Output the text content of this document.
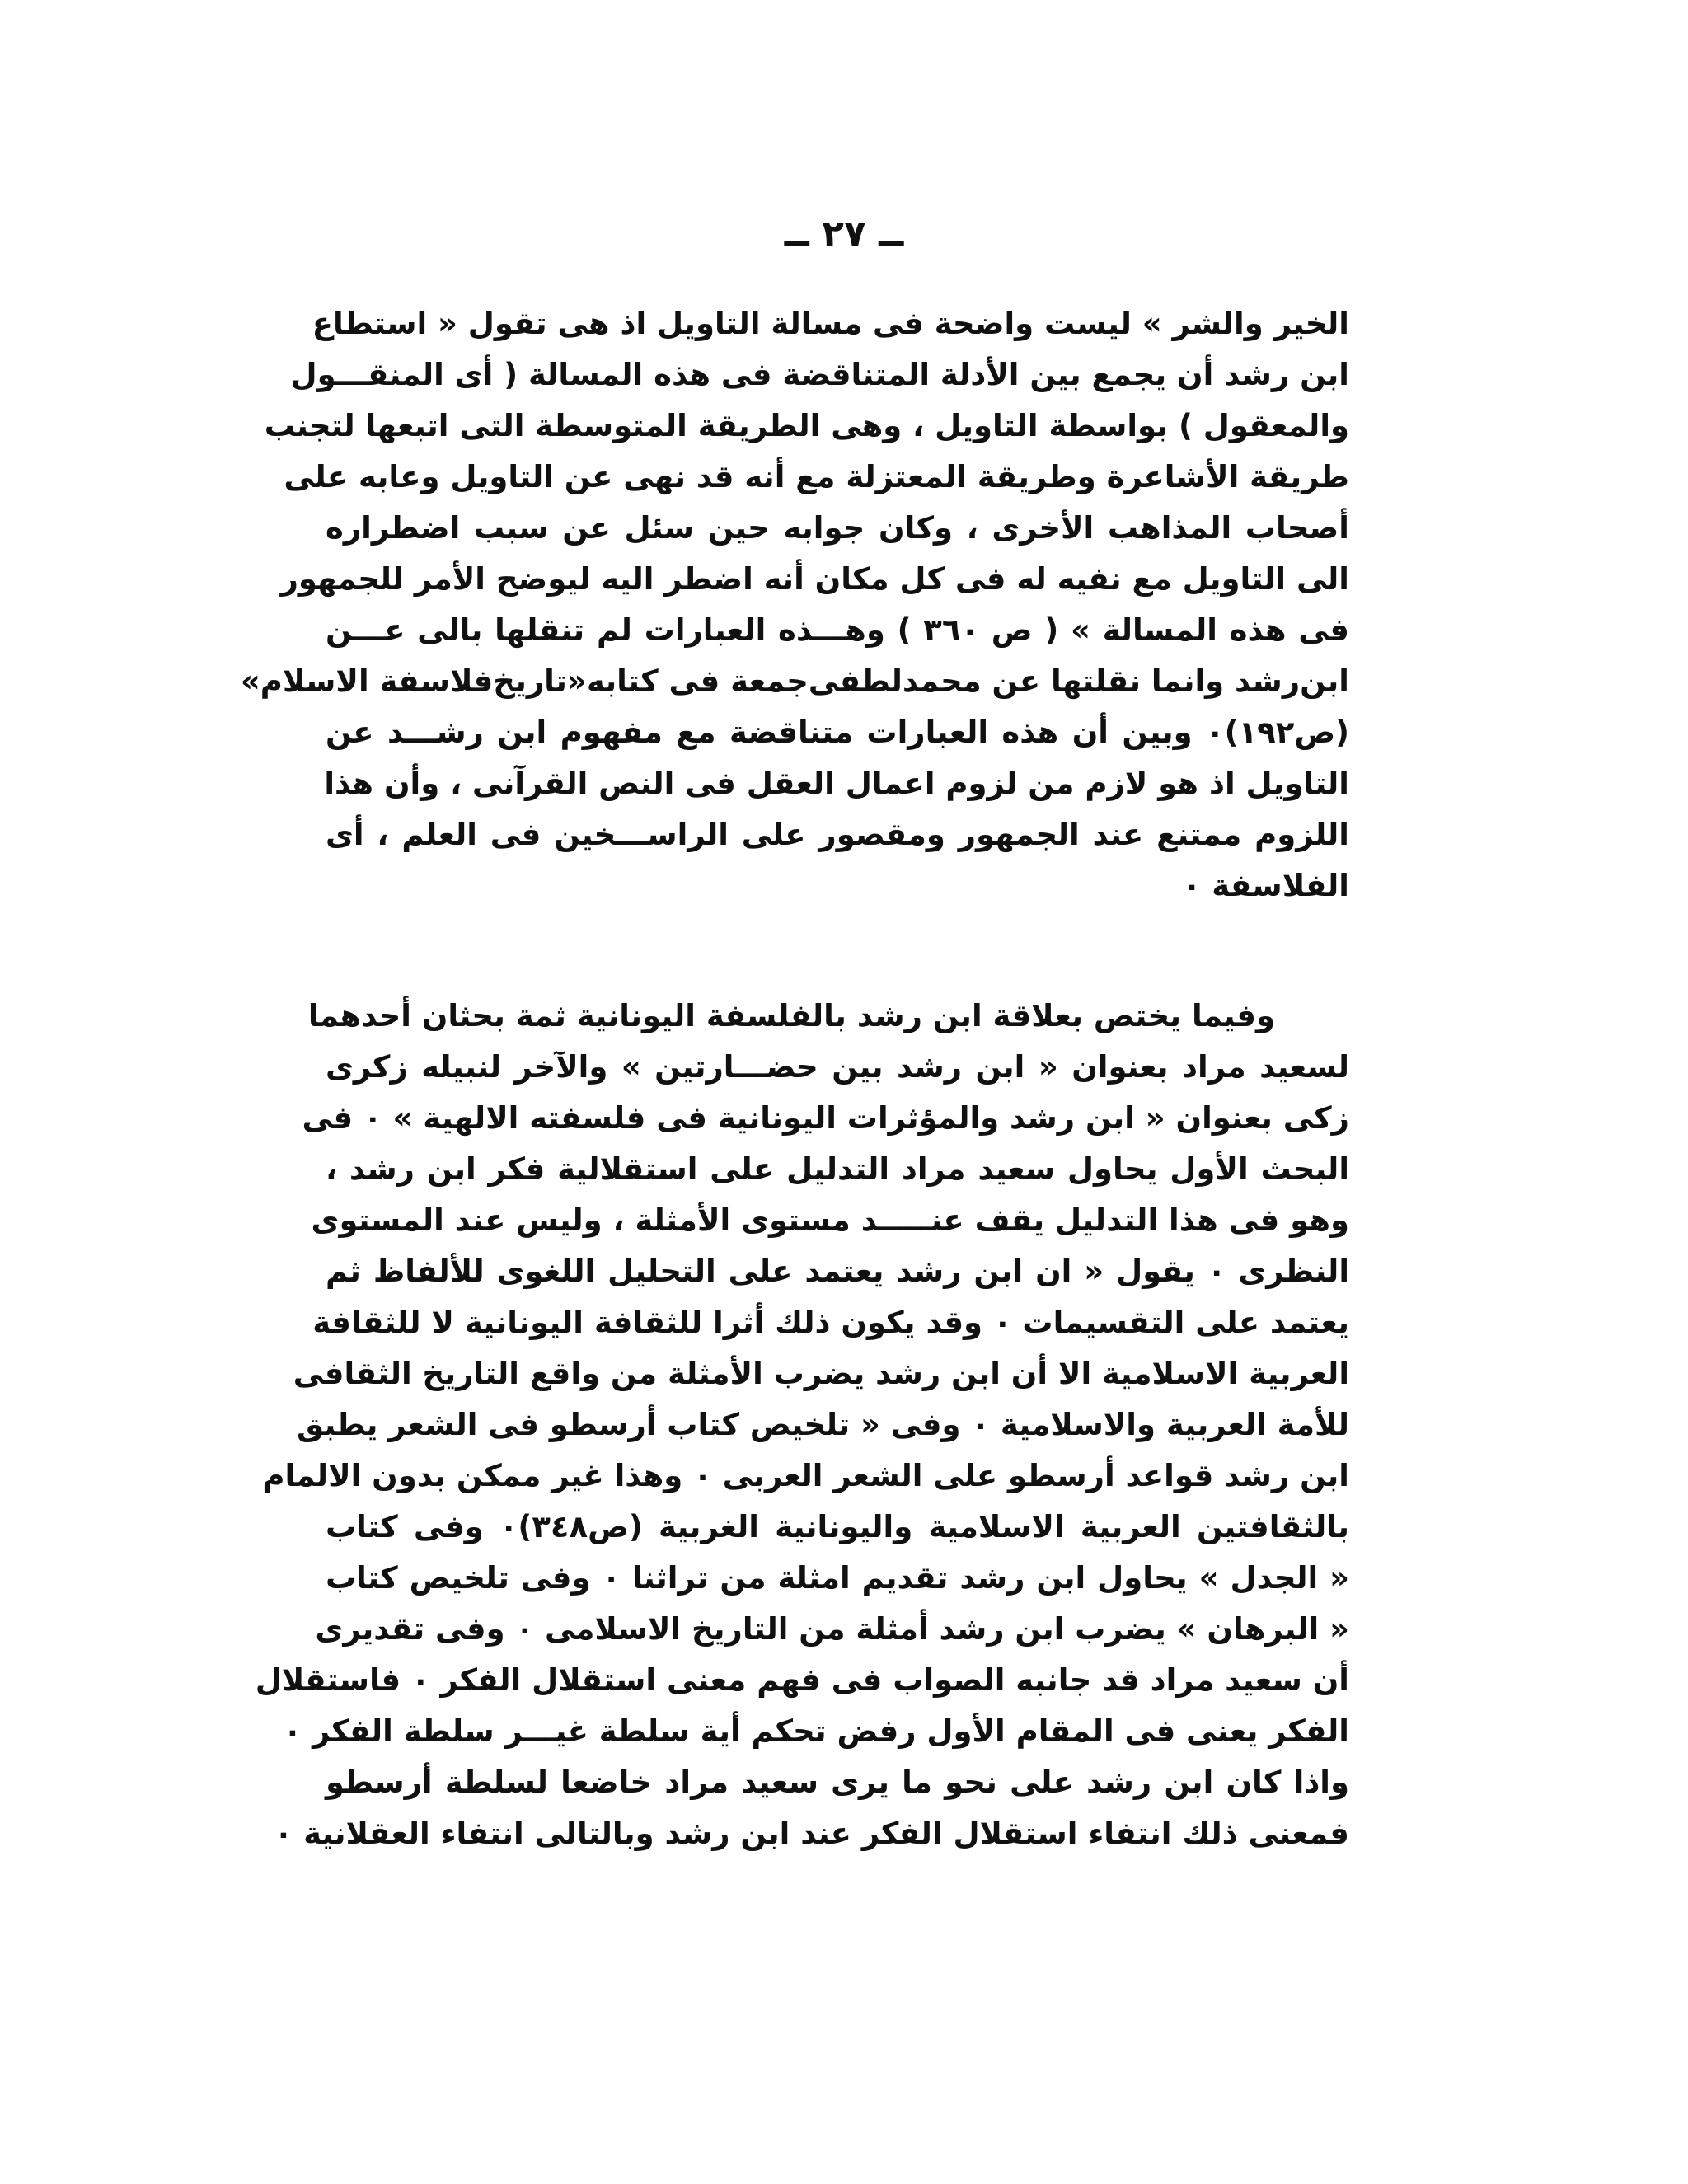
ــ ٢٧ ــ
الخير والشر » ليست واضحة فى مسالة التاويل اذ هى تقول « استطاع
ابن رشد أن يجمع بين الأدلة المتناقضة فى هذه المسالة ( أى المنقـــول
والمعقول ) بواسطة التاويل ، وهى الطريقة المتوسطة التى اتبعها لتجنب
طريقة الأشاعرة وطريقة المعتزلة مع أنه قد نهى عن التاويل وعابه على
أصحاب المذاهب الأخرى ، وكان جوابه حين سئل عن سبب اضطراره
الى التاويل مع نفيه له فى كل مكان أنه اضطر اليه ليوضح الأمر للجمهور
فى هذه المسالة » ( ص ٣٦٠ ) وهـــذه العبارات لم تنقلها بالى عـــن
ابن‌رشد وانما نقلتها عن محمدلطفى‌جمعة فى كتابه«تاريخ‌فلاسفة الاسلام»
(ص١٩٢)٠ وبين أن هذه العبارات متناقضة مع مفهوم ابن رشـــد عن
التاويل اذ هو لازم من لزوم اعمال العقل فى النص القرآنى ، وأن هذا
اللزوم ممتنع عند الجمهور ومقصور على الراســـخين فى العلم ، أى
الفلاسفة ٠
وفيما يختص بعلاقة ابن رشد بالفلسفة اليونانية ثمة بحثان أحدهما
لسعيد مراد بعنوان « ابن رشد بين حضـــارتين » والآخر لنبيله زكرى
زكى بعنوان « ابن رشد والمؤثرات اليونانية فى فلسفته الالهية » ٠ فى
البحث الأول يحاول سعيد مراد التدليل على استقلالية فكر ابن رشد ،
وهو فى هذا التدليل يقف عنـــــد مستوى الأمثلة ، وليس عند المستوى
النظرى ٠ يقول « ان ابن رشد يعتمد على التحليل اللغوى للألفاظ ثم
يعتمد على التقسيمات ٠ وقد يكون ذلك أثرا للثقافة اليونانية لا للثقافة
العربية الاسلامية الا أن ابن رشد يضرب الأمثلة من واقع التاريخ الثقافى
للأمة العربية والاسلامية ٠ وفى « تلخيص كتاب أرسطو فى الشعر يطبق
ابن رشد قواعد أرسطو على الشعر العربى ٠ وهذا غير ممكن بدون الالمام
بالثقافتين العربية الاسلامية واليونانية الغربية (ص٣٤٨)٠ وفى كتاب
« الجدل » يحاول ابن رشد تقديم امثلة من تراثنا ٠ وفى تلخيص كتاب
« البرهان » يضرب ابن رشد أمثلة من التاريخ الاسلامى ٠ وفى تقديرى
أن سعيد مراد قد جانبه الصواب فى فهم معنى استقلال الفكر ٠ فاستقلال
الفكر يعنى فى المقام الأول رفض تحكم أية سلطة غيـــر سلطة الفكر ٠
واذا كان ابن رشد على نحو ما يرى سعيد مراد خاضعا لسلطة أرسطو
فمعنى ذلك انتفاء استقلال الفكر عند ابن رشد وبالتالى انتفاء العقلانية ٠
